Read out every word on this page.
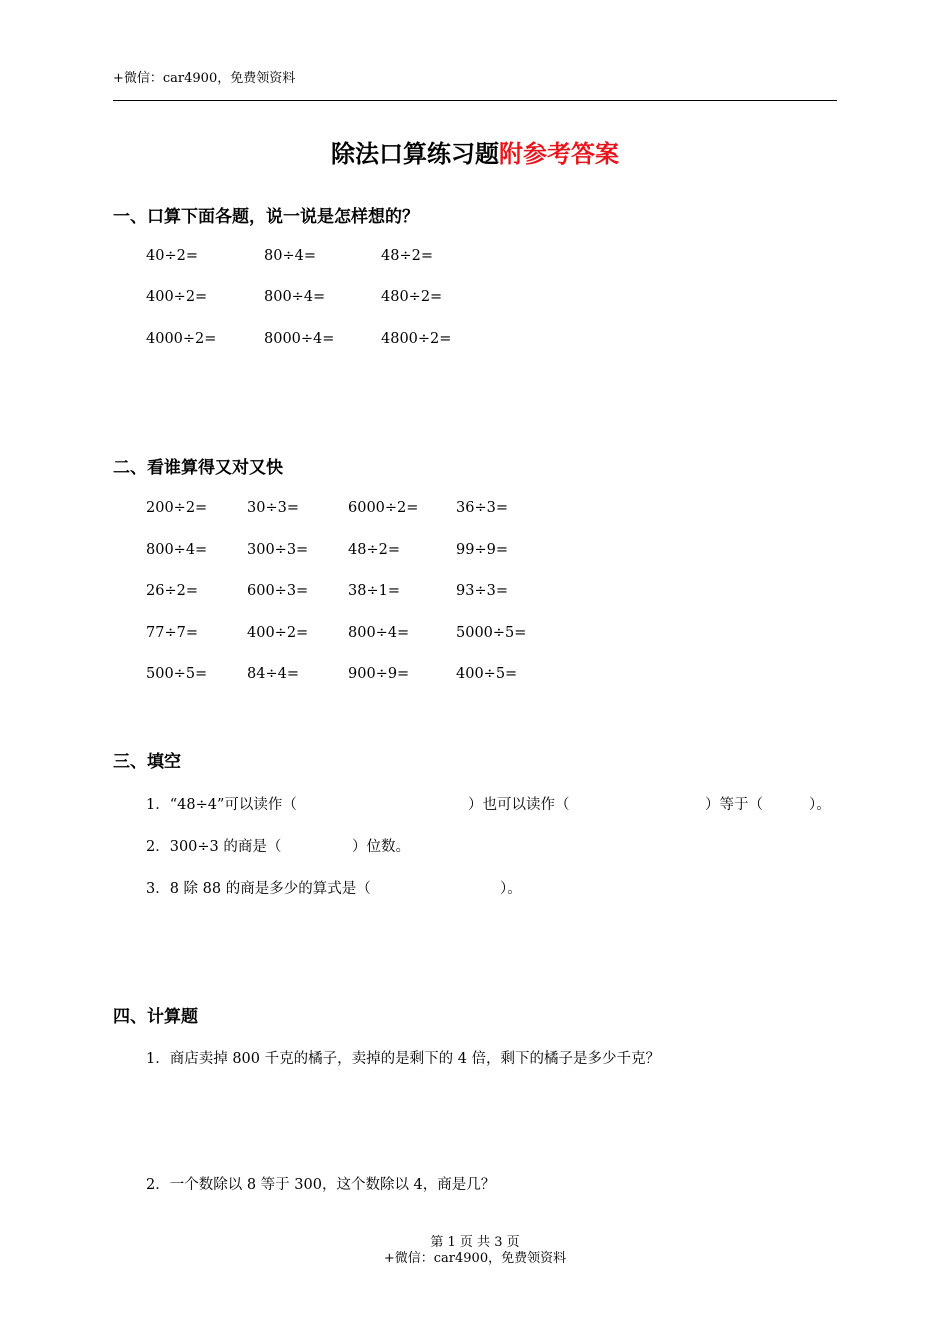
+微信：car4900，免费领资料
除法口算练习题附参考答案
一、口算下面各题，说一说是怎样想的？
40÷2=	80÷4=	48÷2=
400÷2=	800÷4=	480÷2=
4000÷2=	8000÷4=	4800÷2=
二、看谁算得又对又快
200÷2=	30÷3=	6000÷2=	36÷3=
800÷4=	300÷3=	48÷2=	99÷9=
26÷2=	600÷3=	38÷1=	93÷3=
77÷7=	400÷2=	800÷4=	5000÷5=
500÷5=	84÷4=	900÷9=	400÷5=
三、填空
1．“48÷4”可以读作（	）也可以读作（	）等于（	）。
2．300÷3 的商是（	）位数。
3．8 除 88 的商是多少的算式是（	）。
四、计算题
1．商店卖掉 800 千克的橘子，卖掉的是剩下的 4 倍，剩下的橘子是多少千克？
2．一个数除以 8 等于 300，这个数除以 4，商是几？
第 1 页 共 3 页
+微信：car4900，免费领资料
